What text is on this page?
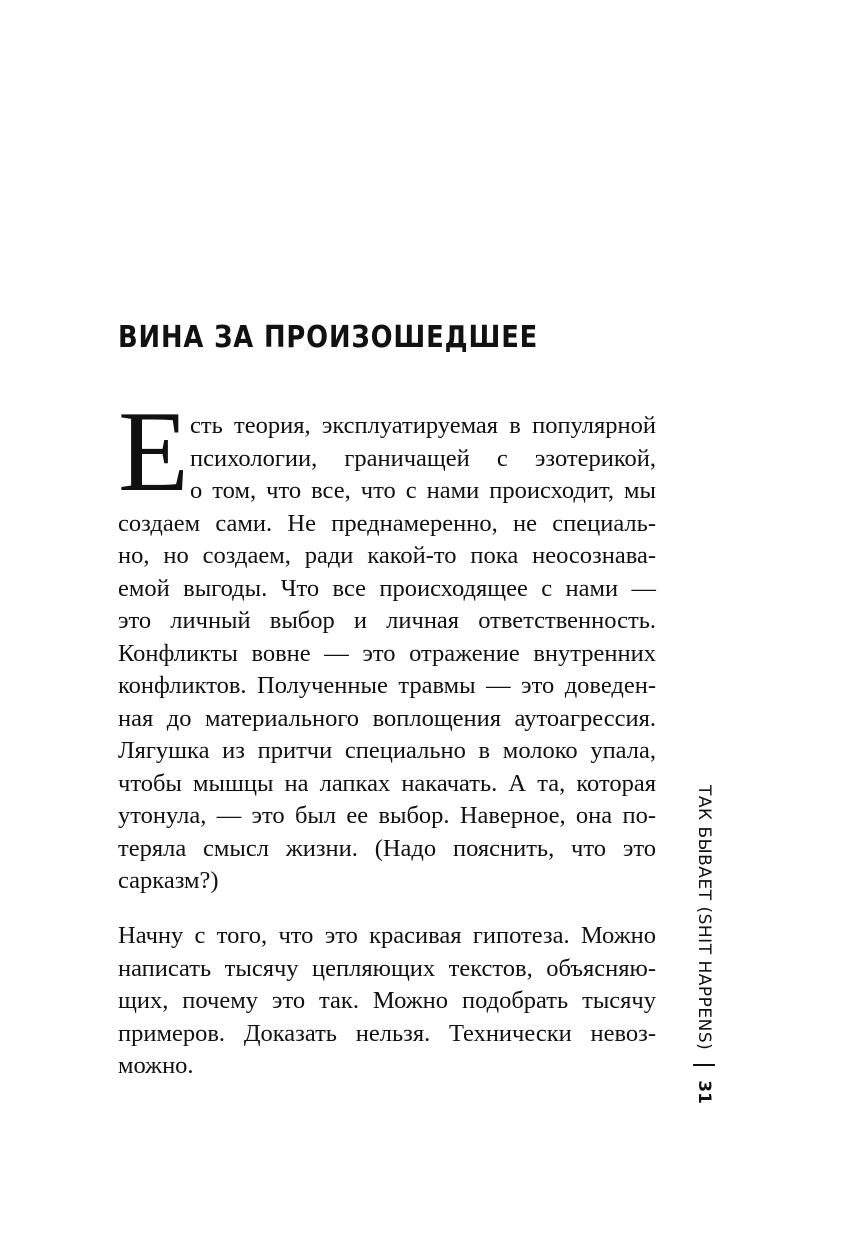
ВИНА ЗА ПРОИЗОШЕДШЕЕ
Е сть теория, эксплуатируемая в популярной
психологии, граничащей с эзотерикой,
о том, что все, что с нами происходит, мы
создаем сами. Не преднамеренно, не специаль-
но, но создаем, ради какой-то пока неосознава-
емой выгоды. Что все происходящее с нами —
это личный выбор и личная ответственность.
Конфликты вовне — это отражение внутренних
конфликтов. Полученные травмы — это доведен-
ная до материального воплощения аутоагрессия.
Лягушка из притчи специально в молоко упала,
чтобы мышцы на лапках накачать. А та, которая
утонула, — это был ее выбор. Наверное, она по-
теряла смысл жизни. (Надо пояснить, что это
сарказм?)
Начну с того, что это красивая гипотеза. Можно
написать тысячу цепляющих текстов, объясняю-
щих, почему это так. Можно подобрать тысячу
примеров. Доказать нельзя. Технически невоз-
можно.
ТАК БЫВАЕТ (SHIT HAPPENS)
31
